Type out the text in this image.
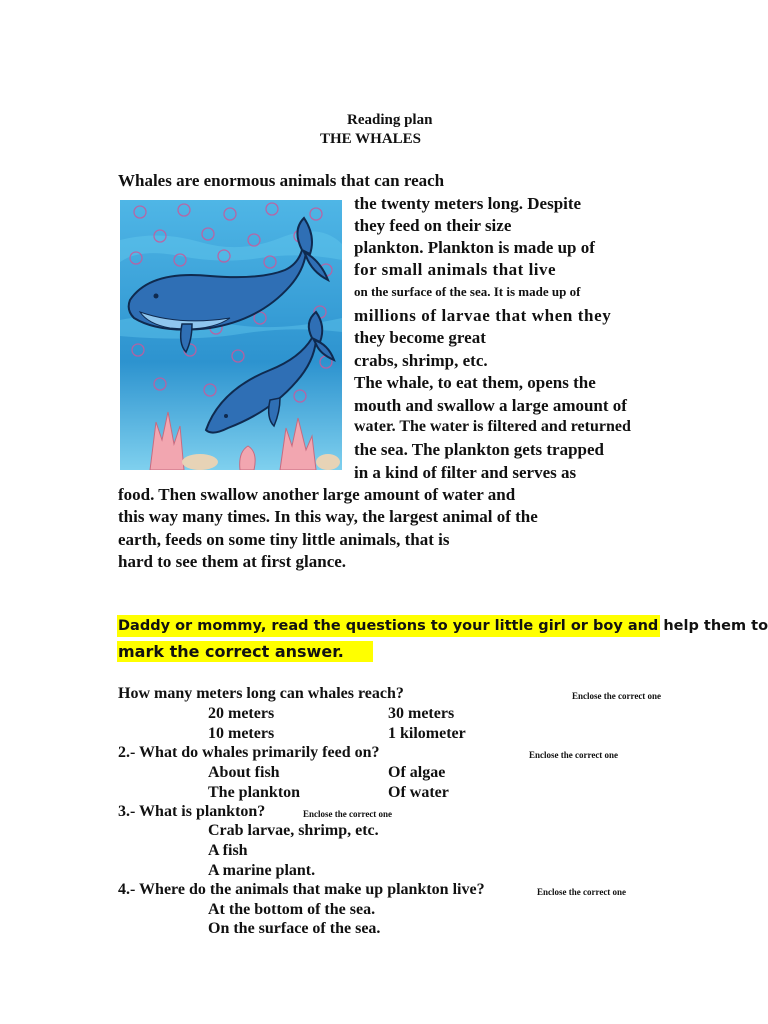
Reading plan
THE WHALES
Whales are enormous animals that can reach
the twenty meters long. Despite
they feed on their size
plankton. Plankton is made up of
for small animals that live
on the surface of the sea. It is made up of
millions of larvae that when they
they become great
crabs, shrimp, etc.
The whale, to eat them, opens the
mouth and swallow a large amount of
water. The water is filtered and returned
the sea. The plankton gets trapped
in a kind of filter and serves as
food. Then swallow another large amount of water and
this way many times. In this way, the largest animal of the
earth, feeds on some tiny little animals, that is
hard to see them at first glance.
Daddy or mommy, read the questions to your little girl or boy and help them to
mark the correct answer.
How many meters long can whales reach?	Enclose the correct one
20 meters	30 meters
10 meters	1 kilometer
2.- What do whales primarily feed on?	Enclose the correct one
About fish	Of algae
The plankton	Of water
3.- What is plankton?	Enclose the correct one
Crab larvae, shrimp, etc.
A fish
A marine plant.
4.- Where do the animals that make up plankton live?	Enclose the correct one
At the bottom of the sea.
On the surface of the sea.
